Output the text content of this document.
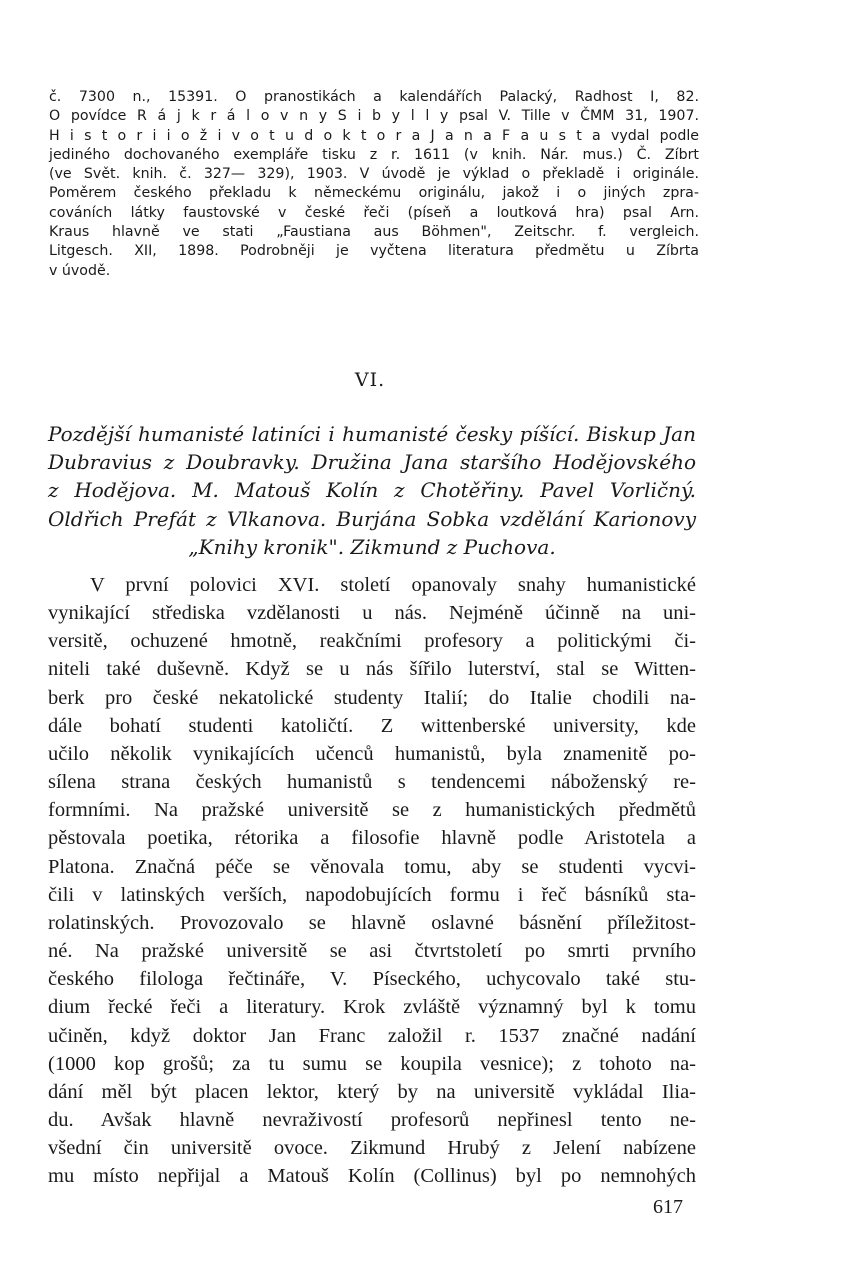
č. 7300 n., 15391. O pranostikách a kalendářích Palacký, Radhost I, 82.
O povídce R á j k r á l o v n y S i b y l l y psal V. Tille v ČMM 31, 1907.
H i s t o r i i o ž i v o t u d o k t o r a J a n a F a u s t a vydal podle
jediného dochovaného exempláře tisku z r. 1611 (v knih. Nár. mus.) Č. Zíbrt
(ve Svět. knih. č. 327— 329), 1903. V úvodě je výklad o překladě i originále.
Poměrem českého překladu k německému originálu, jakož i o jiných zpra-
cováních látky faustovské v české řeči (píseň a loutková hra) psal Arn.
Kraus hlavně ve stati „Faustiana aus Böhmen", Zeitschr. f. vergleich.
Litgesch. XII, 1898. Podrobněji je vyčtena literatura předmětu u Zíbrta
v úvodě.
VI.
Pozdější humanisté latiníci i humanisté česky píšící. Biskup Jan
Dubravius z Doubravky. Družina Jana staršího Hodějovského
z Hodějova. M. Matouš Kolín z Chotěřiny. Pavel Vorličný.
Oldřich Prefát z Vlkanova. Burjána Sobka vzdělání Karionovy
„Knihy kronik". Zikmund z Puchova.
V první polovici XVI. století opanovaly snahy humanistické
vynikající střediska vzdělanosti u nás. Nejméně účinně na uni-
versitě, ochuzené hmotně, reakčními profesory a politickými či-
niteli také duševně. Když se u nás šířilo luterství, stal se Witten-
berk pro české nekatolické studenty Italií; do Italie chodili na-
dále bohatí studenti katoličtí. Z wittenberské university, kde
učilo několik vynikajících učenců humanistů, byla znamenitě po-
sílena strana českých humanistů s tendencemi náboženský re-
formními. Na pražské universitě se z humanistických předmětů
pěstovala poetika, rétorika a filosofie hlavně podle Aristotela a
Platona. Značná péče se věnovala tomu, aby se studenti vycvi-
čili v latinských verších, napodobujících formu i řeč básníků sta-
rolatinských. Provozovalo se hlavně oslavné básnění příležitost-
né. Na pražské universitě se asi čtvrtstoletí po smrti prvního
českého filologa řečtináře, V. Píseckého, uchycovalo také stu-
dium řecké řeči a literatury. Krok zvláště významný byl k tomu
učiněn, když doktor Jan Franc založil r. 1537 značné nadání
(1000 kop grošů; za tu sumu se koupila vesnice); z tohoto na-
dání měl být placen lektor, který by na universitě vykládal Ilia-
du. Avšak hlavně nevraživostí profesorů nepřinesl tento ne-
všední čin universitě ovoce. Zikmund Hrubý z Jelení nabízene
mu místo nepřijal a Matouš Kolín (Collinus) byl po nemnohých
617
